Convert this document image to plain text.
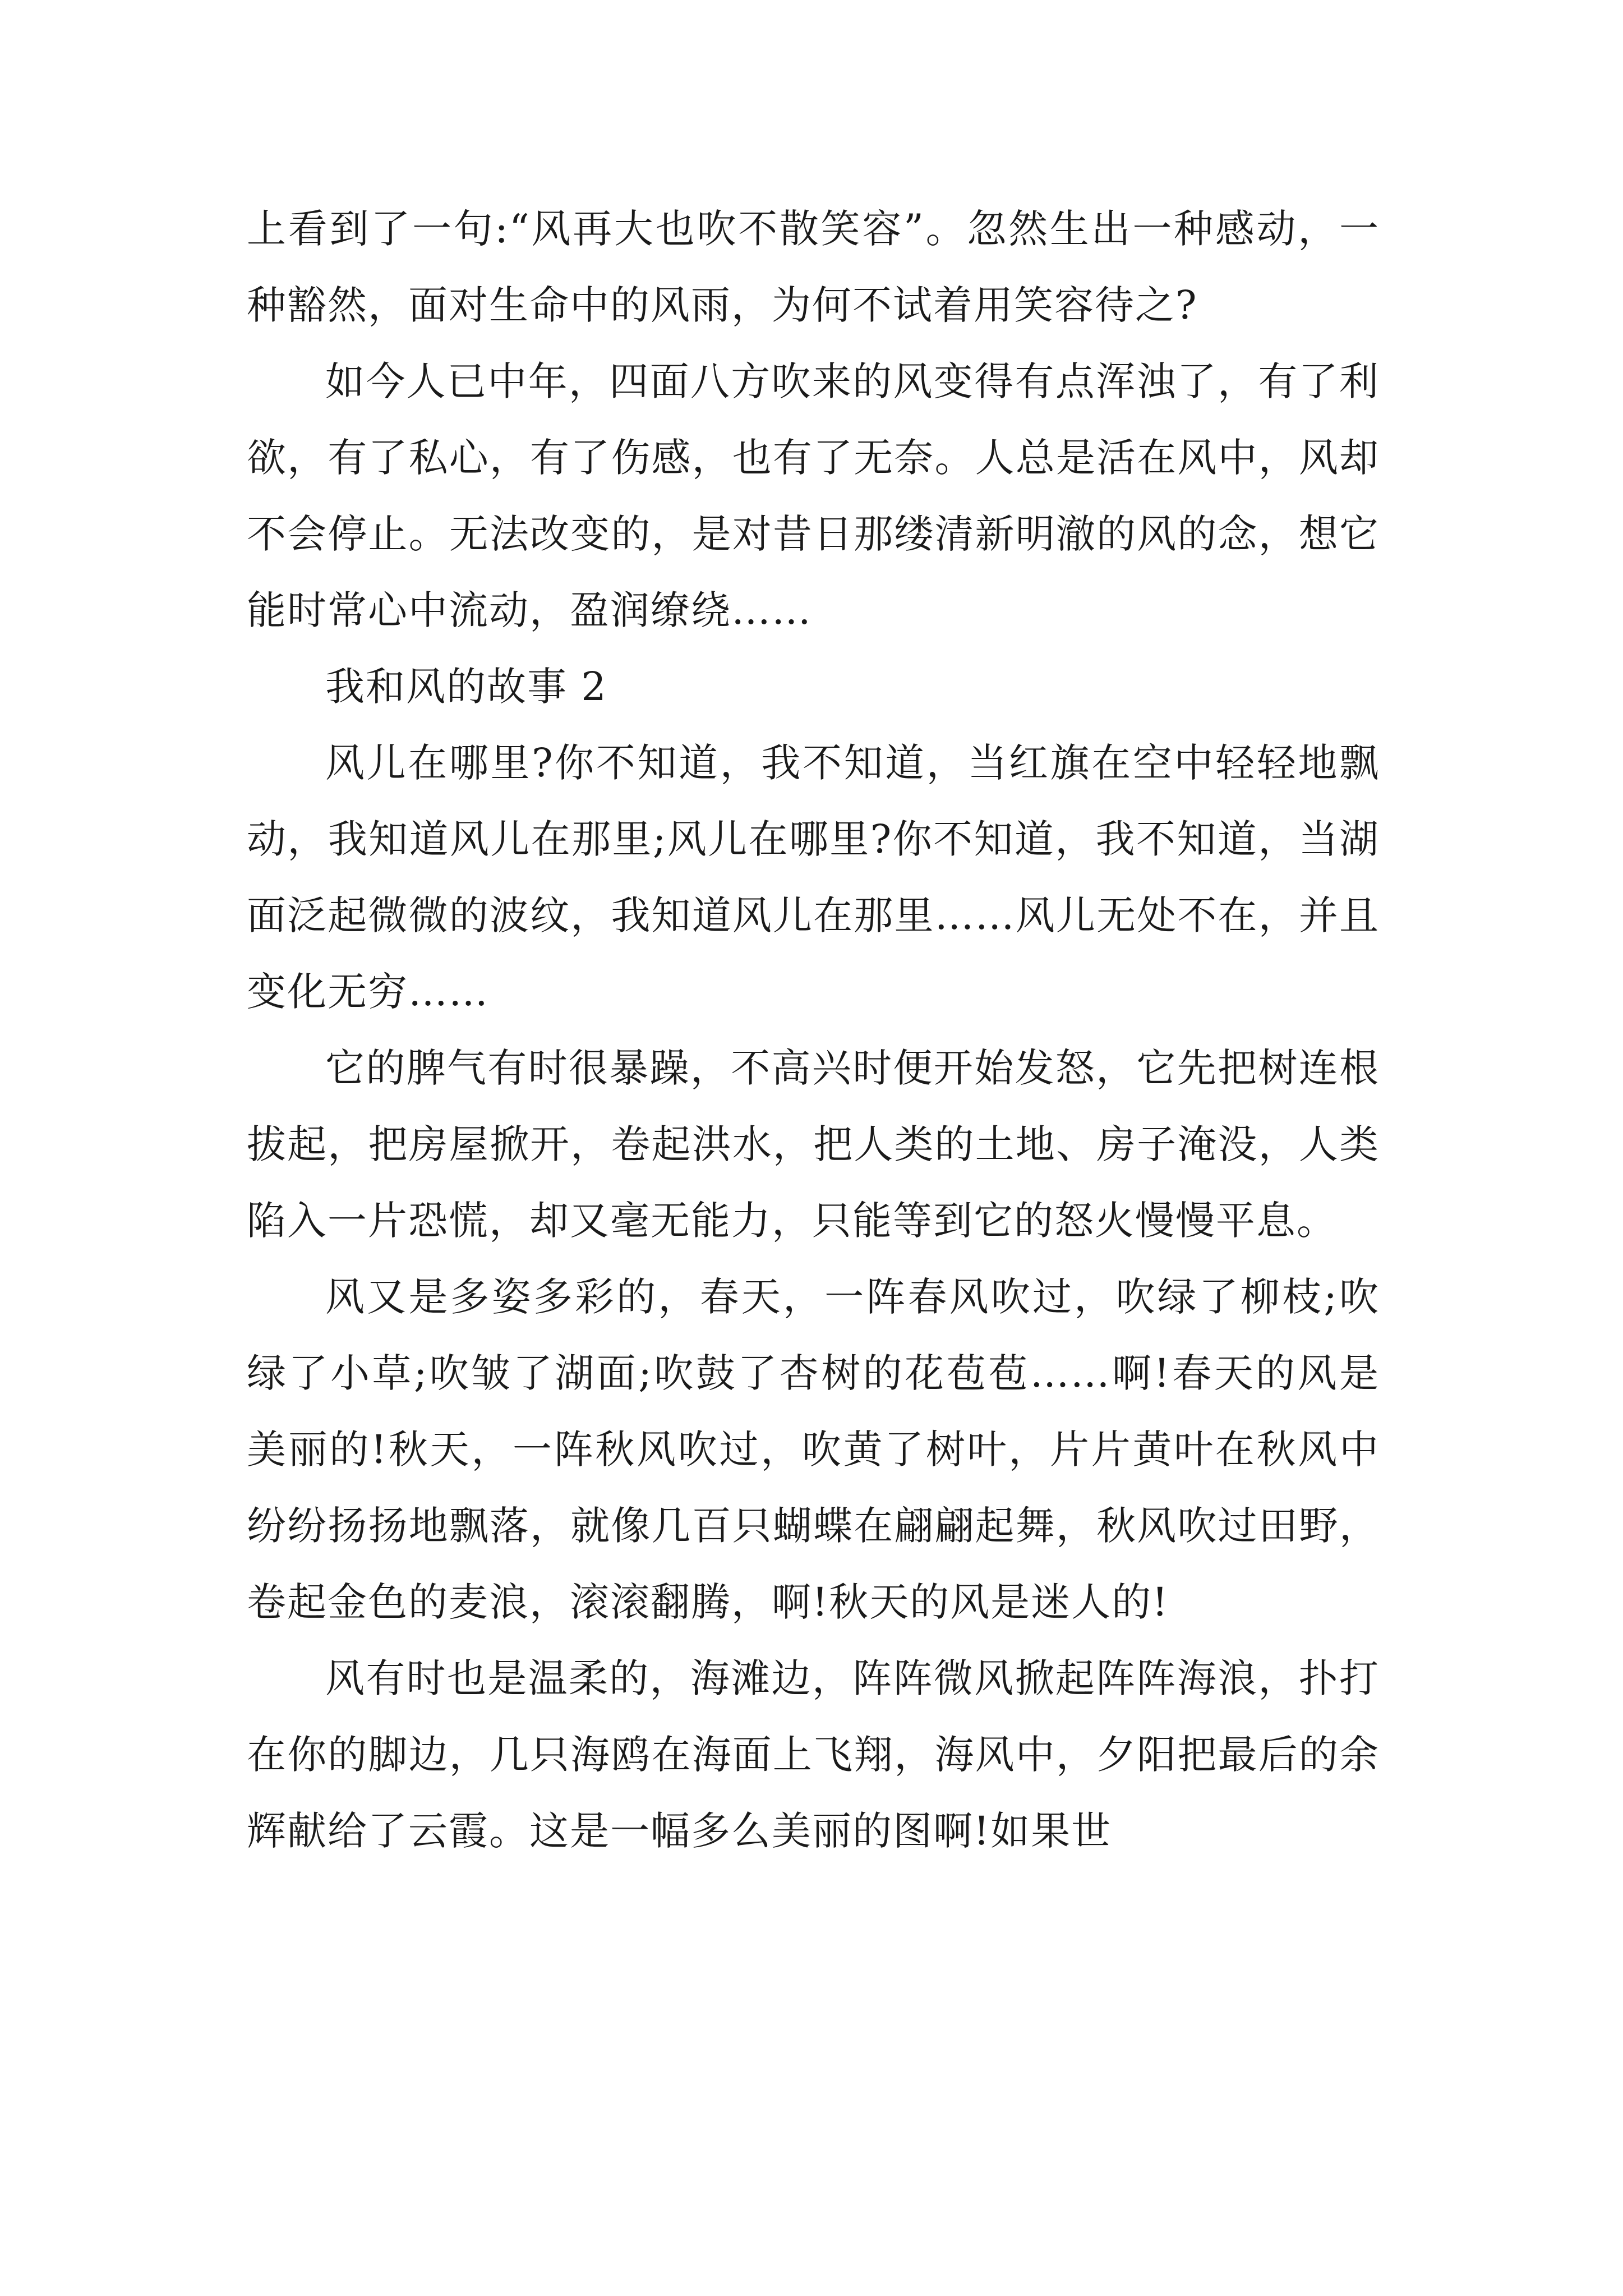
上看到了一句:“风再大也吹不散笑容”。忽然生出一种感动，一种豁然，面对生命中的风雨，为何不试着用笑容待之?

如今人已中年，四面八方吹来的风变得有点浑浊了，有了利欲，有了私心，有了伤感，也有了无奈。人总是活在风中，风却不会停止。无法改变的，是对昔日那缕清新明澈的风的念，想它能时常心中流动，盈润缭绕……

我和风的故事 2

风儿在哪里?你不知道，我不知道，当红旗在空中轻轻地飘动，我知道风儿在那里;风儿在哪里?你不知道，我不知道，当湖面泛起微微的波纹，我知道风儿在那里……风儿无处不在，并且变化无穷……

它的脾气有时很暴躁，不高兴时便开始发怒，它先把树连根拔起，把房屋掀开，卷起洪水，把人类的土地、房子淹没，人类陷入一片恐慌，却又毫无能力，只能等到它的怒火慢慢平息。

风又是多姿多彩的，春天，一阵春风吹过，吹绿了柳枝;吹绿了小草;吹皱了湖面;吹鼓了杏树的花苞苞……啊!春天的风是美丽的!秋天，一阵秋风吹过，吹黄了树叶，片片黄叶在秋风中纷纷扬扬地飘落，就像几百只蝴蝶在翩翩起舞，秋风吹过田野，卷起金色的麦浪，滚滚翻腾，啊!秋天的风是迷人的!

风有时也是温柔的，海滩边，阵阵微风掀起阵阵海浪，扑打在你的脚边，几只海鸥在海面上飞翔，海风中，夕阳把最后的余辉献给了云霞。这是一幅多么美丽的图啊!如果世
